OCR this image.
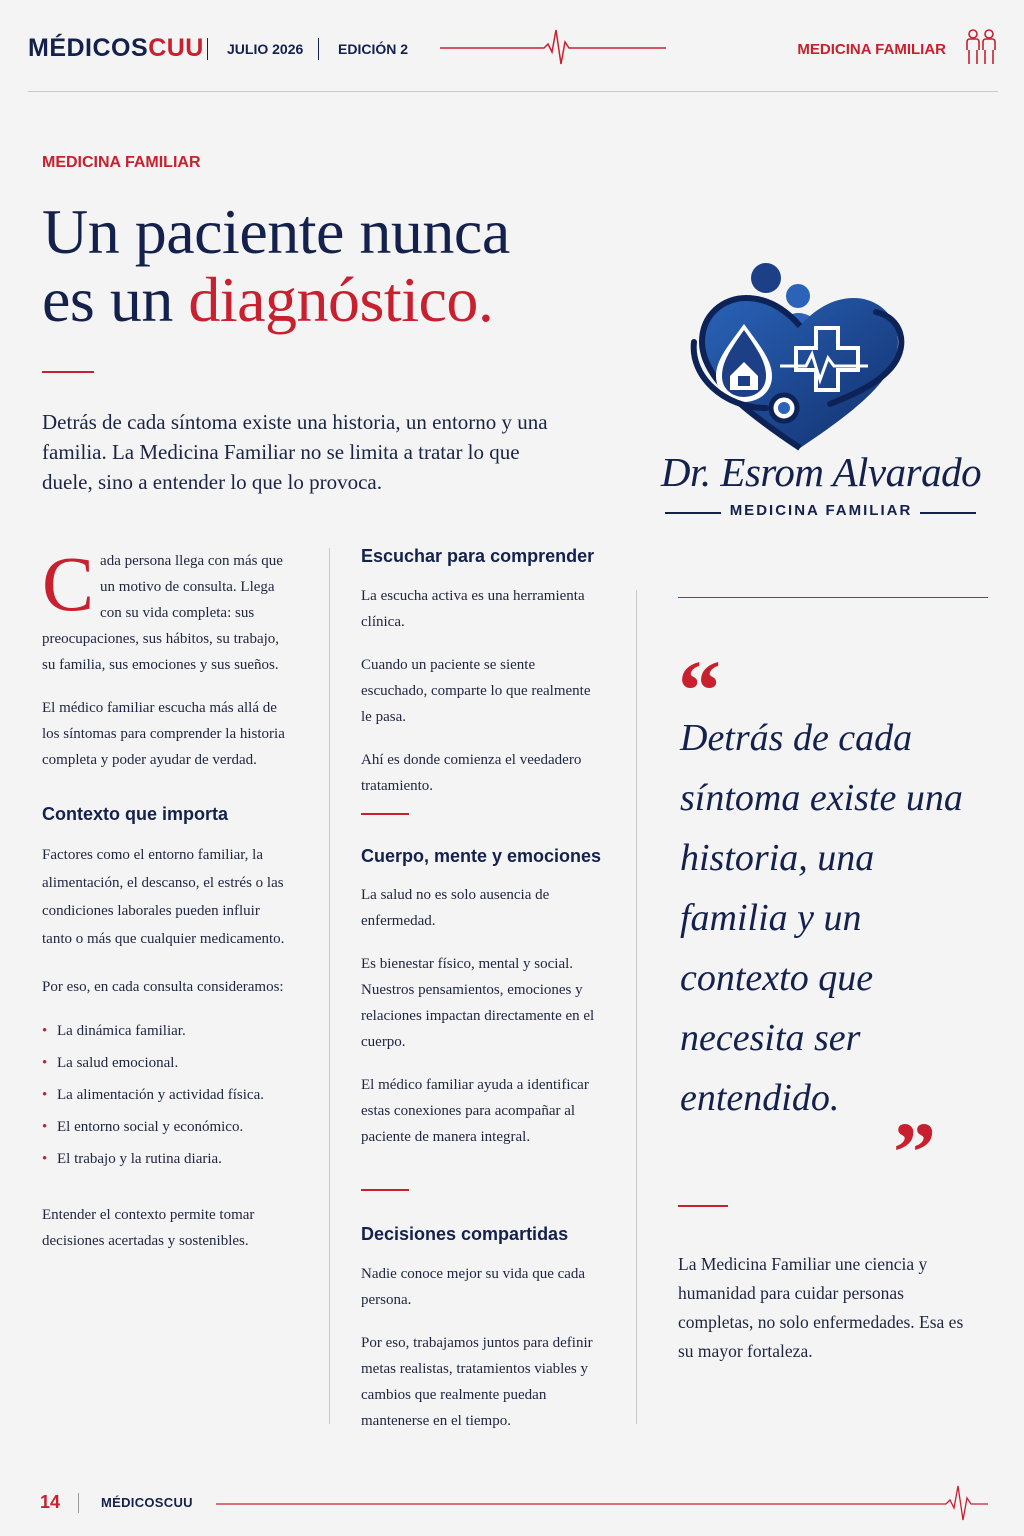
MÉDICOSCUU JULIO 2026 EDICIÓN 2	MEDICINA FAMILIAR
MEDICINA FAMILIAR
Un paciente nunca
es un diagnóstico.
Detrás de cada síntoma existe una historia, un entorno y una familia. La Medicina Familiar no se limita a tratar lo que duele, sino a entender lo que lo provoca.	Dr. Esrom Alvarado
MEDICINA FAMILIAR

Cada persona llega con más que un motivo de consulta. Llega con su vida completa: sus preocupaciones, sus hábitos, su trabajo, su familia, sus emociones y sus sueños.

El médico familiar escucha más allá de los síntomas para comprender la historia completa y poder ayudar de verdad.

Contexto que importa

Factores como el entorno familiar, la alimentación, el descanso, el estrés o las condiciones laborales pueden influir tanto o más que cualquier medicamento.

Por eso, en cada consulta consideramos:

• La dinámica familiar.
• La salud emocional.
• La alimentación y actividad física.
• El entorno social y económico.
• El trabajo y la rutina diaria.

Entender el contexto permite tomar decisiones acertadas y sostenibles.

Escuchar para comprender

La escucha activa es una herramienta clínica.

Cuando un paciente se siente escuchado, comparte lo que realmente le pasa.

Ahí es donde comienza el veedadero tratamiento.

Cuerpo, mente y emociones

La salud no es solo ausencia de enfermedad.

Es bienestar físico, mental y social. Nuestros pensamientos, emociones y relaciones impactan directamente en el cuerpo.

El médico familiar ayuda a identificar estas conexiones para acompañar al paciente de manera integral.

Decisiones compartidas

Nadie conoce mejor su vida que cada persona.

Por eso, trabajamos juntos para definir metas realistas, tratamientos viables y cambios que realmente puedan mantenerse en el tiempo.

“
Detrás de cada síntoma existe una historia, una familia y un contexto que necesita ser entendido.
”
La Medicina Familiar une ciencia y humanidad para cuidar personas completas, no solo enfermedades. Esa es su mayor fortaleza.
14	MÉDICOSCUU
